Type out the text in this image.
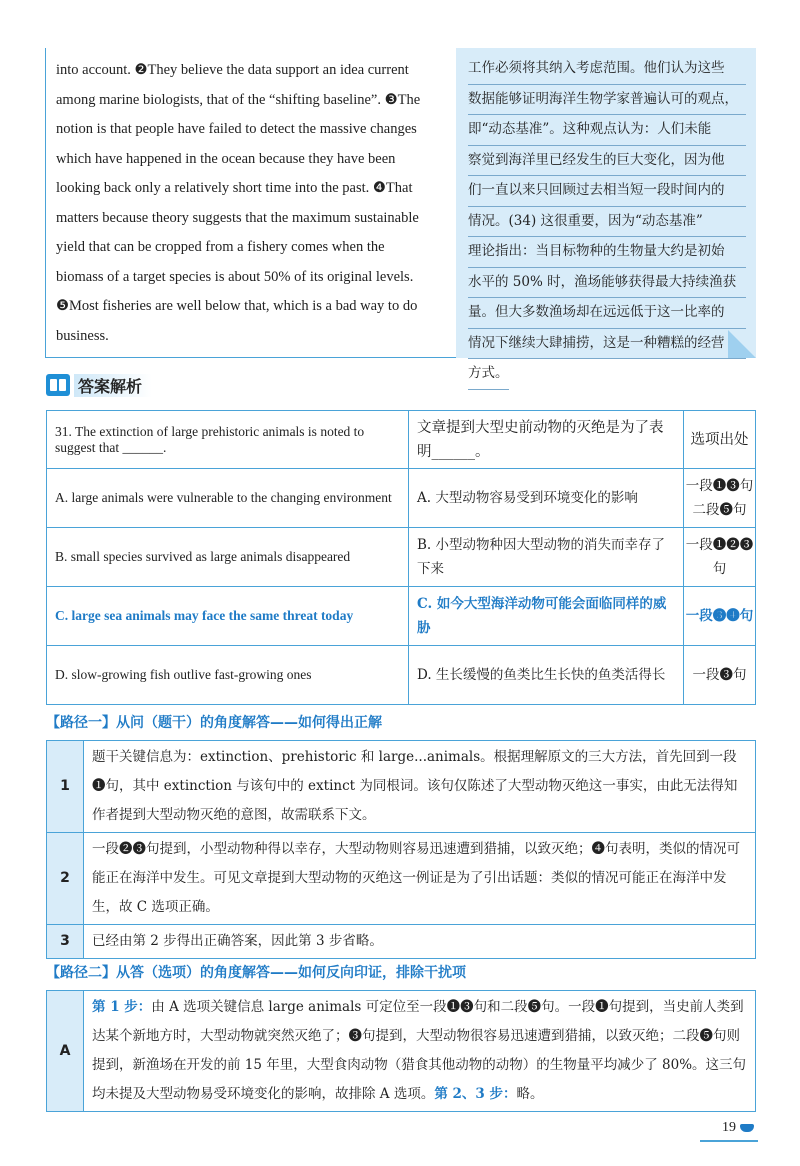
into account. ❷They believe the data support an idea current
among marine biologists, that of the “shifting baseline”. ❸The
notion is that people have failed to detect the massive changes
which have happened in the ocean because they have been
looking back only a relatively short time into the past. ❹That
matters because theory suggests that the maximum sustainable
yield that can be cropped from a fishery comes when the
biomass of a target species is about 50% of its original levels.
❺Most fisheries are well below that, which is a bad way to do
business.
工作必须将其纳入考虑范围。他们认为这些
数据能够证明海洋生物学家普遍认可的观点，
即“动态基准”。这种观点认为：人们未能
察觉到海洋里已经发生的巨大变化，因为他
们一直以来只回顾过去相当短一段时间内的
情况。(34) 这很重要，因为“动态基准”
理论指出：当目标物种的生物量大约是初始
水平的 50% 时，渔场能够获得最大持续渔获
量。但大多数渔场却在远远低于这一比率的
情况下继续大肆捕捞，这是一种糟糕的经营
方式。
答案解析
31. The extinction of large prehistoric animals is noted to suggest that ______.	文章提到大型史前动物的灭绝是为了表明______。	选项出处
A. large animals were vulnerable to the changing environment	A. 大型动物容易受到环境变化的影响	一段❶❸句
二段❺句
B. small species survived as large animals disappeared	B. 小型动物种因大型动物的消失而幸存了下来	一段❶❷❸句
C. large sea animals may face the same threat today	C. 如今大型海洋动物可能会面临同样的威胁	一段❸❹句
D. slow-growing fish outlive fast-growing ones	D. 生长缓慢的鱼类比生长快的鱼类活得长	一段❸句
【路径一】从问（题干）的角度解答——如何得出正解
1	题干关键信息为：extinction、prehistoric 和 large...animals。根据理解原文的三大方法，首先回到一段❶句，其中 extinction 与该句中的 extinct 为同根词。该句仅陈述了大型动物灭绝这一事实，由此无法得知作者提到大型动物灭绝的意图，故需联系下文。
2	一段❷❸句提到，小型动物种得以幸存，大型动物则容易迅速遭到猎捕，以致灭绝；❹句表明，类似的情况可能正在海洋中发生。可见文章提到大型动物的灭绝这一例证是为了引出话题：类似的情况可能正在海洋中发生，故 C 选项正确。
3	已经由第 2 步得出正确答案，因此第 3 步省略。
【路径二】从答（选项）的角度解答——如何反向印证，排除干扰项
A	第 1 步：由 A 选项关键信息 large animals 可定位至一段❶❸句和二段❺句。一段❶句提到，当史前人类到达某个新地方时，大型动物就突然灭绝了；❸句提到，大型动物很容易迅速遭到猎捕，以致灭绝；二段❺句则提到，新渔场在开发的前 15 年里，大型食肉动物（猎食其他动物的动物）的生物量平均减少了 80%。这三句均未提及大型动物易受环境变化的影响，故排除 A 选项。第 2、3 步：略。
19
